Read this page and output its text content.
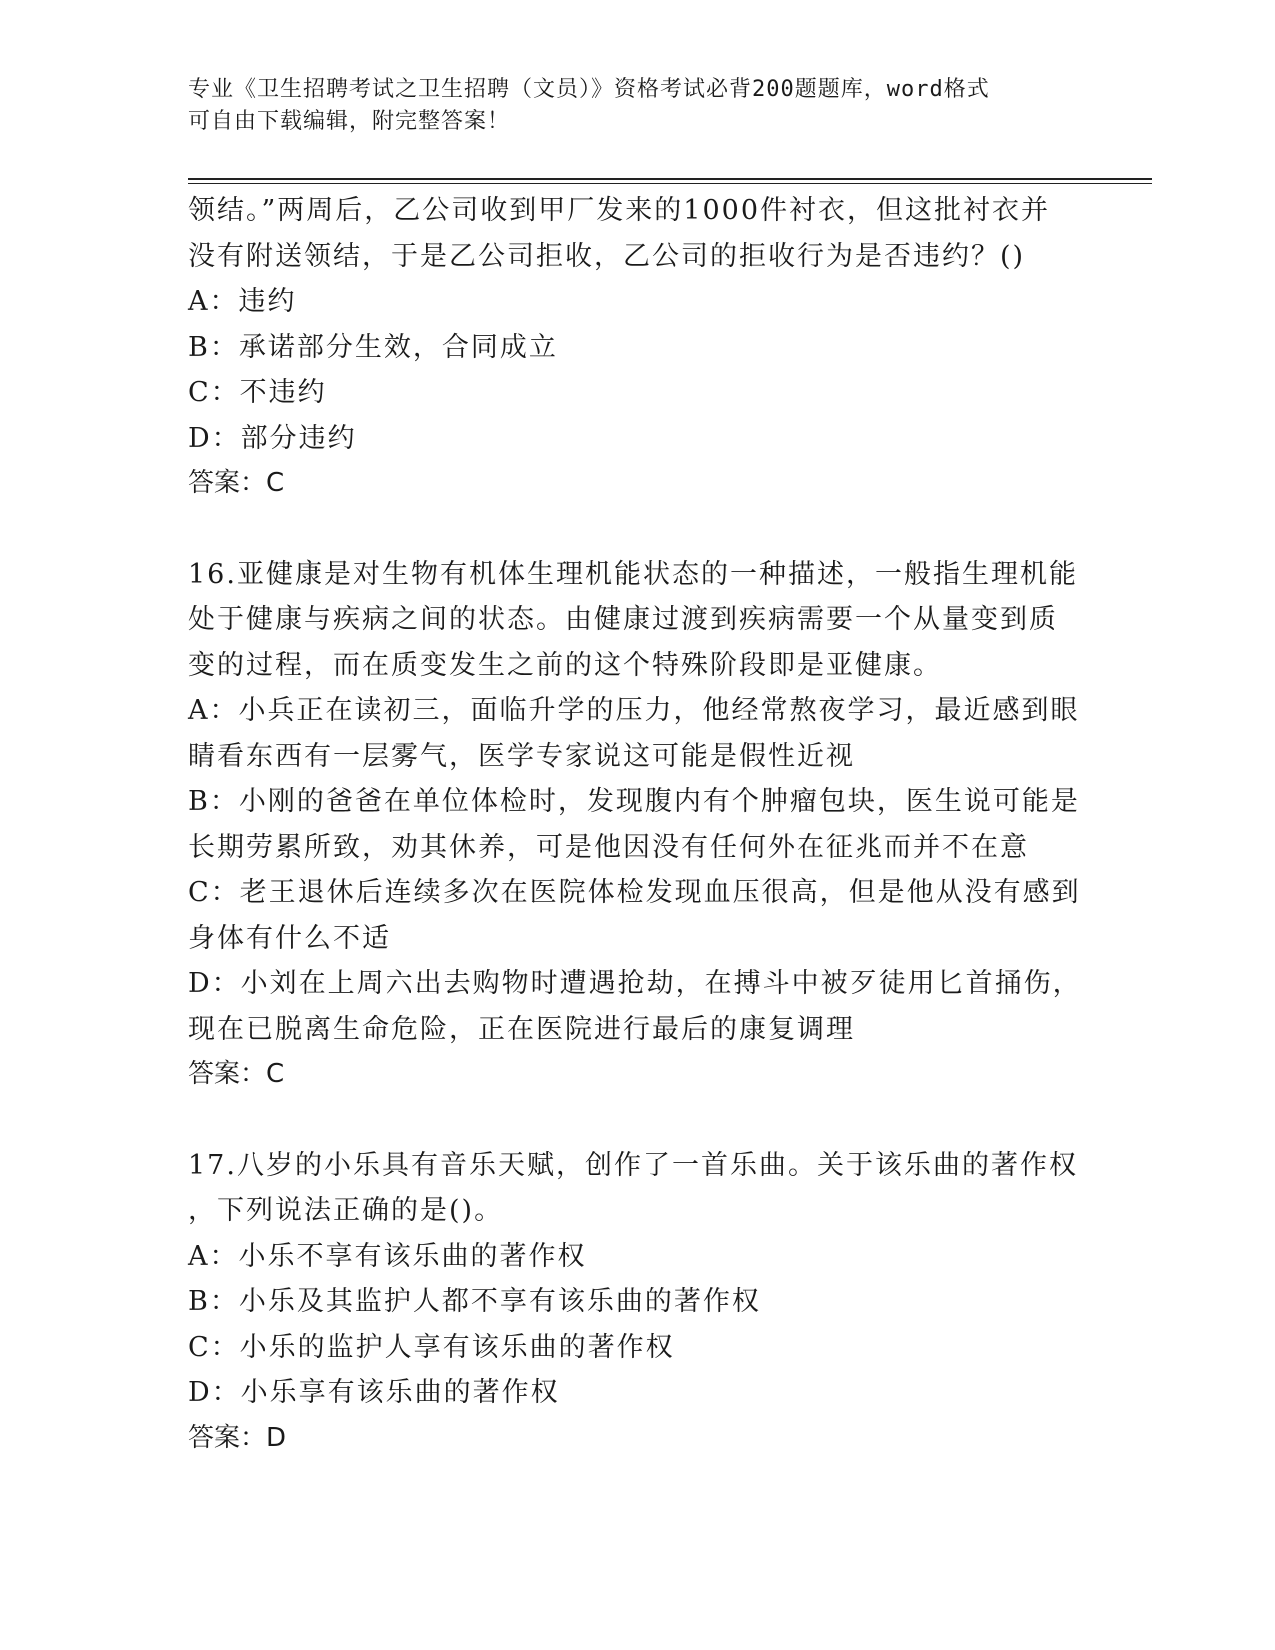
专业《卫生招聘考试之卫生招聘（文员）》资格考试必背200题题库，word格式
可自由下载编辑，附完整答案！
领结。”两周后，乙公司收到甲厂发来的1000件衬衣，但这批衬衣并
没有附送领结，于是乙公司拒收，乙公司的拒收行为是否违约？()
A：违约
B：承诺部分生效，合同成立
C：不违约
D：部分违约
答案：C
16.亚健康是对生物有机体生理机能状态的一种描述，一般指生理机能
处于健康与疾病之间的状态。由健康过渡到疾病需要一个从量变到质
变的过程，而在质变发生之前的这个特殊阶段即是亚健康。
A：小兵正在读初三，面临升学的压力，他经常熬夜学习，最近感到眼
睛看东西有一层雾气，医学专家说这可能是假性近视
B：小刚的爸爸在单位体检时，发现腹内有个肿瘤包块，医生说可能是
长期劳累所致，劝其休养，可是他因没有任何外在征兆而并不在意
C：老王退休后连续多次在医院体检发现血压很高，但是他从没有感到
身体有什么不适
D：小刘在上周六出去购物时遭遇抢劫，在搏斗中被歹徒用匕首捅伤，
现在已脱离生命危险，正在医院进行最后的康复调理
答案：C
17.八岁的小乐具有音乐天赋，创作了一首乐曲。关于该乐曲的著作权
，下列说法正确的是()。
A：小乐不享有该乐曲的著作权
B：小乐及其监护人都不享有该乐曲的著作权
C：小乐的监护人享有该乐曲的著作权
D：小乐享有该乐曲的著作权
答案：D
